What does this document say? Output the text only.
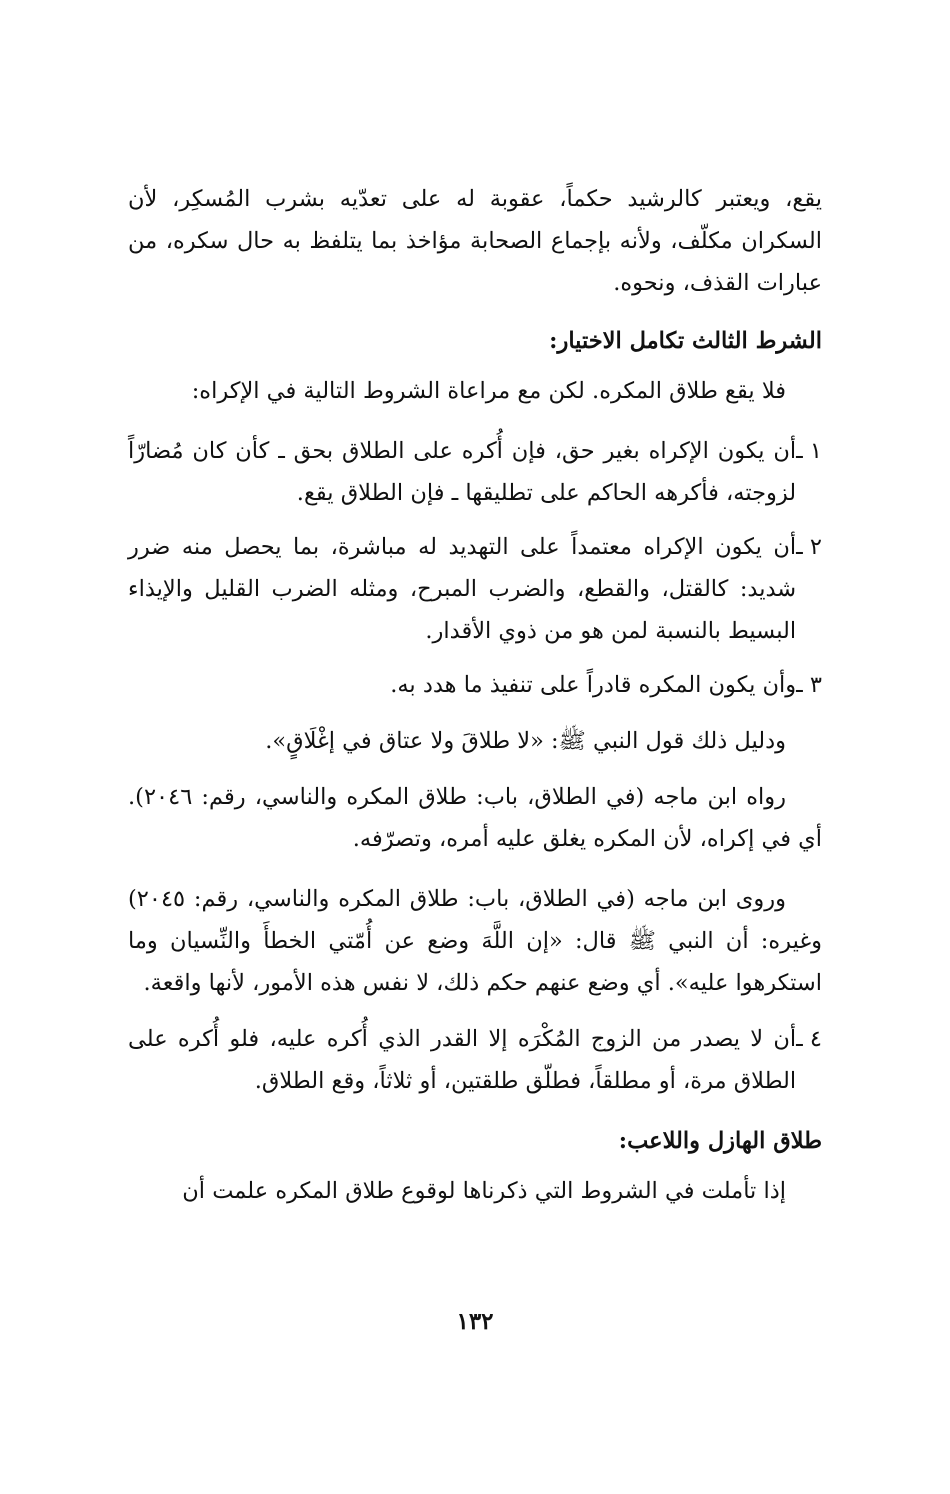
يقع، ويعتبر كالرشيد حكماً، عقوبة له على تعدّيه بشرب المُسكِر، لأن السكران مكلّف، ولأنه بإجماع الصحابة مؤاخذ بما يتلفظ به حال سكره، من عبارات القذف، ونحوه.

الشرط الثالث تكامل الاختيار:

فلا يقع طلاق المكره. لكن مع مراعاة الشروط التالية في الإكراه:

١ ـ
أن يكون الإكراه بغير حق، فإن أُكره على الطلاق بحق ـ كأن كان مُضارّاً لزوجته، فأكرهه الحاكم على تطليقها ـ فإن الطلاق يقع.
٢ ـ
أن يكون الإكراه معتمداً على التهديد له مباشرة، بما يحصل منه ضرر شديد: كالقتل، والقطع، والضرب المبرح، ومثله الضرب القليل والإيذاء البسيط بالنسبة لمن هو من ذوي الأقدار.
٣ ـ
وأن يكون المكره قادراً على تنفيذ ما هدد به.

ودليل ذلك قول النبي ﷺ: «لا طلاقَ ولا عتاق في إغْلَاقٍ».

رواه ابن ماجه (في الطلاق، باب: طلاق المكره والناسي، رقم: ٢٠٤٦). أي في إكراه، لأن المكره يغلق عليه أمره، وتصرّفه.

وروى ابن ماجه (في الطلاق، باب: طلاق المكره والناسي، رقم: ٢٠٤٥) وغيره: أن النبي ﷺ قال: «إن اللَّهَ وضع عن أُمّتي الخطأَ والنِّسيان وما استكرهوا عليه». أي وضع عنهم حكم ذلك، لا نفس هذه الأمور، لأنها واقعة.

٤ ـ
أن لا يصدر من الزوج المُكْرَه إلا القدر الذي أُكره عليه، فلو أُكره على الطلاق مرة، أو مطلقاً، فطلّق طلقتين، أو ثلاثاً، وقع الطلاق.

طلاق الهازل واللاعب:

إذا تأملت في الشروط التي ذكرناها لوقوع طلاق المكره علمت أن

١٣٢
